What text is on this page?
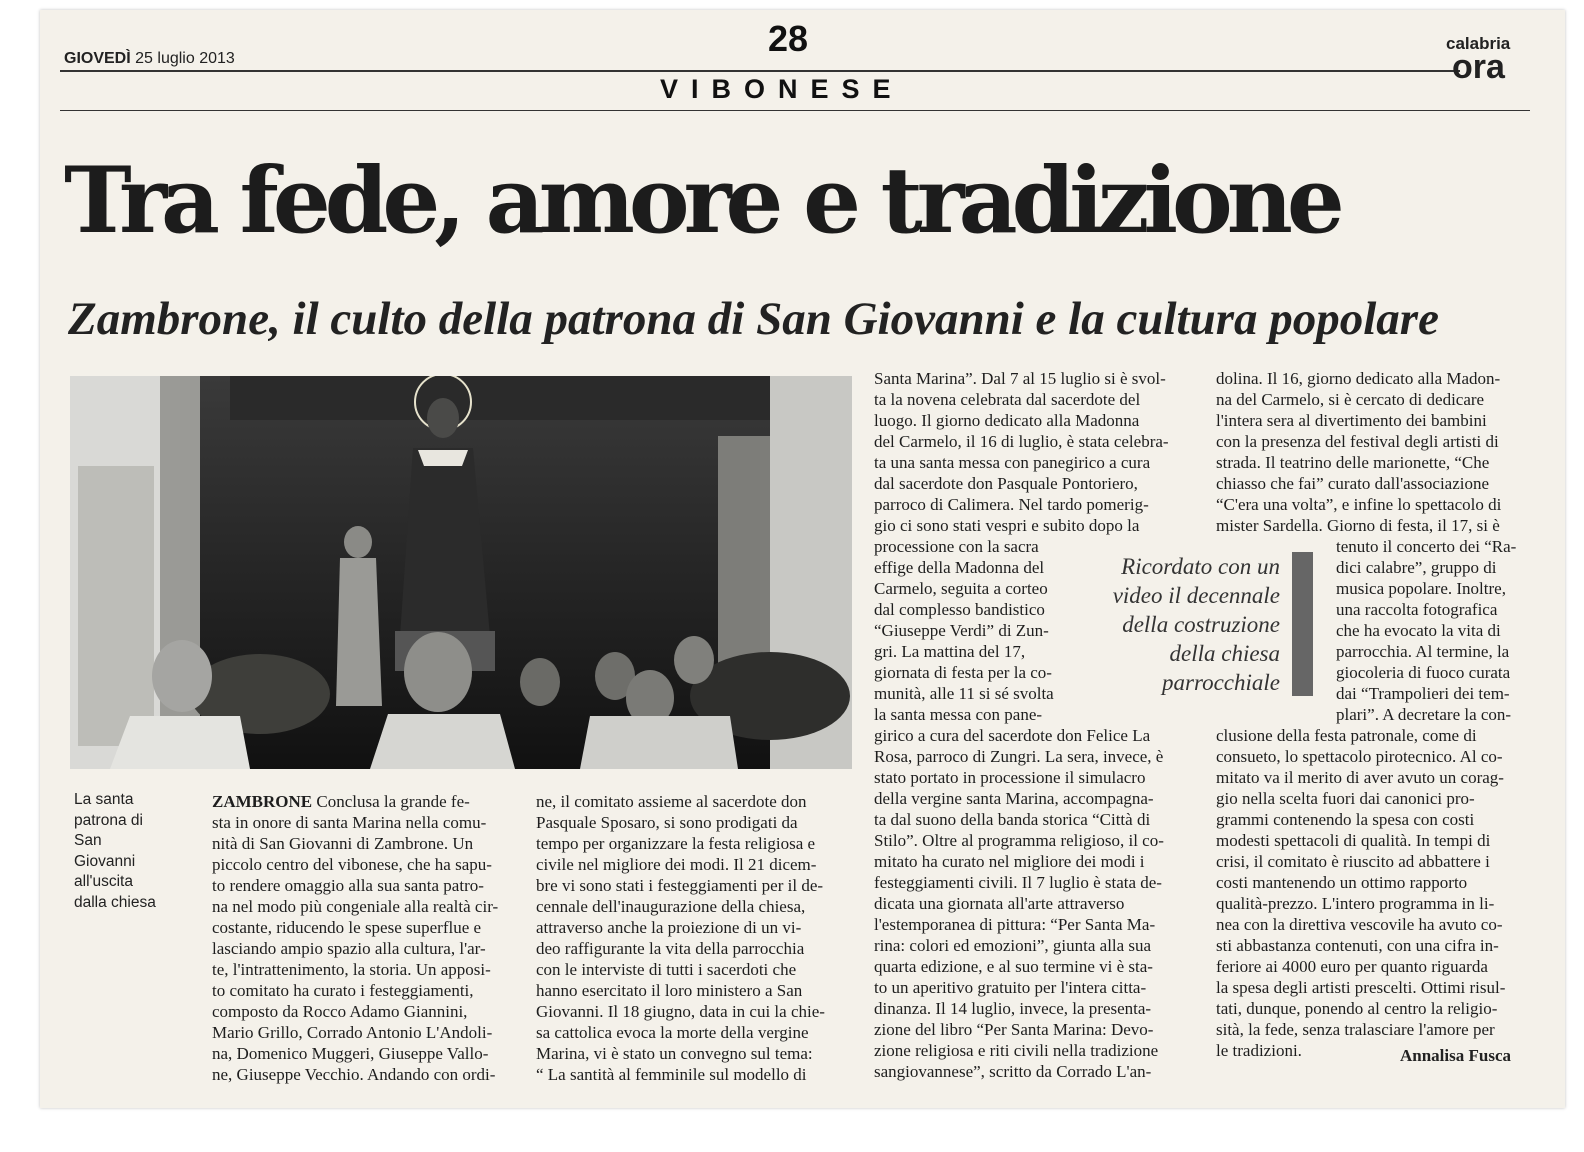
GIOVEDÌ 25 luglio 2013	28
VIBONESE
calabria
ora
Tra fede, amore e tradizione
Zambrone, il culto della patrona di San Giovanni e la cultura popolare
La santa
patrona di
San
Giovanni
all'uscita
dalla chiesa
ZAMBRONE Conclusa la grande fe-
sta in onore di santa Marina nella comu-
nità di San Giovanni di Zambrone. Un
piccolo centro del vibonese, che ha sapu-
to rendere omaggio alla sua santa patro-
na nel modo più congeniale alla realtà cir-
costante, riducendo le spese superflue e
lasciando ampio spazio alla cultura, l'ar-
te, l'intrattenimento, la storia. Un apposi-
to comitato ha curato i festeggiamenti,
composto da Rocco Adamo Giannini,
Mario Grillo, Corrado Antonio L'Andoli-
na, Domenico Muggeri, Giuseppe Vallo-
ne, Giuseppe Vecchio. Andando con ordi-
ne, il comitato assieme al sacerdote don
Pasquale Sposaro, si sono prodigati da
tempo per organizzare la festa religiosa e
civile nel migliore dei modi. Il 21 dicem-
bre vi sono stati i festeggiamenti per il de-
cennale dell'inaugurazione della chiesa,
attraverso anche la proiezione di un vi-
deo raffigurante la vita della parrocchia
con le interviste di tutti i sacerdoti che
hanno esercitato il loro ministero a San
Giovanni. Il 18 giugno, data in cui la chie-
sa cattolica evoca la morte della vergine
Marina, vi è stato un convegno sul tema:
“ La santità al femminile sul modello di
Santa Marina”. Dal 7 al 15 luglio si è svol-
ta la novena celebrata dal sacerdote del
luogo. Il giorno dedicato alla Madonna
del Carmelo, il 16 di luglio, è stata celebra-
ta una santa messa con panegirico a cura
dal sacerdote don Pasquale Pontoriero,
parroco di Calimera. Nel tardo pomerig-
gio ci sono stati vespri e subito dopo la
processione con la sacra
effige della Madonna del
Carmelo, seguita a corteo
dal complesso bandistico
“Giuseppe Verdi” di Zun-
gri. La mattina del 17,
giornata di festa per la co-
munità, alle 11 si sé svolta
la santa messa con pane-
girico a cura del sacerdote don Felice La
Rosa, parroco di Zungri. La sera, invece, è
stato portato in processione il simulacro
della vergine santa Marina, accompagna-
ta dal suono della banda storica “Città di
Stilo”. Oltre al programma religioso, il co-
mitato ha curato nel migliore dei modi i
festeggiamenti civili. Il 7 luglio è stata de-
dicata una giornata all'arte attraverso
l'estemporanea di pittura: “Per Santa Ma-
rina: colori ed emozioni”, giunta alla sua
quarta edizione, e al suo termine vi è sta-
to un aperitivo gratuito per l'intera citta-
dinanza. Il 14 luglio, invece, la presenta-
zione del libro “Per Santa Marina: Devo-
zione religiosa e riti civili nella tradizione
sangiovannese”, scritto da Corrado L'an-
Ricordato con un
video il decennale
della costruzione
della chiesa
parrocchiale
dolina. Il 16, giorno dedicato alla Madon-
na del Carmelo, si è cercato di dedicare
l'intera sera al divertimento dei bambini
con la presenza del festival degli artisti di
strada. Il teatrino delle marionette, “Che
chiasso che fai” curato dall'associazione
“C'era una volta”, e infine lo spettacolo di
mister Sardella. Giorno di festa, il 17, si è
tenuto il concerto dei “Ra-
dici calabre”, gruppo di
musica popolare. Inoltre,
una raccolta fotografica
che ha evocato la vita di
parrocchia. Al termine, la
giocoleria di fuoco curata
dai “Trampolieri dei tem-
plari”. A decretare la con-
clusione della festa patronale, come di
consueto, lo spettacolo pirotecnico. Al co-
mitato va il merito di aver avuto un corag-
gio nella scelta fuori dai canonici pro-
grammi contenendo la spesa con costi
modesti spettacoli di qualità. In tempi di
crisi, il comitato è riuscito ad abbattere i
costi mantenendo un ottimo rapporto
qualità-prezzo. L'intero programma in li-
nea con la direttiva vescovile ha avuto co-
sti abbastanza contenuti, con una cifra in-
feriore ai 4000 euro per quanto riguarda
la spesa degli artisti prescelti. Ottimi risul-
tati, dunque, ponendo al centro la religio-
sità, la fede, senza tralasciare l'amore per
le tradizioni.	Annalisa Fusca
